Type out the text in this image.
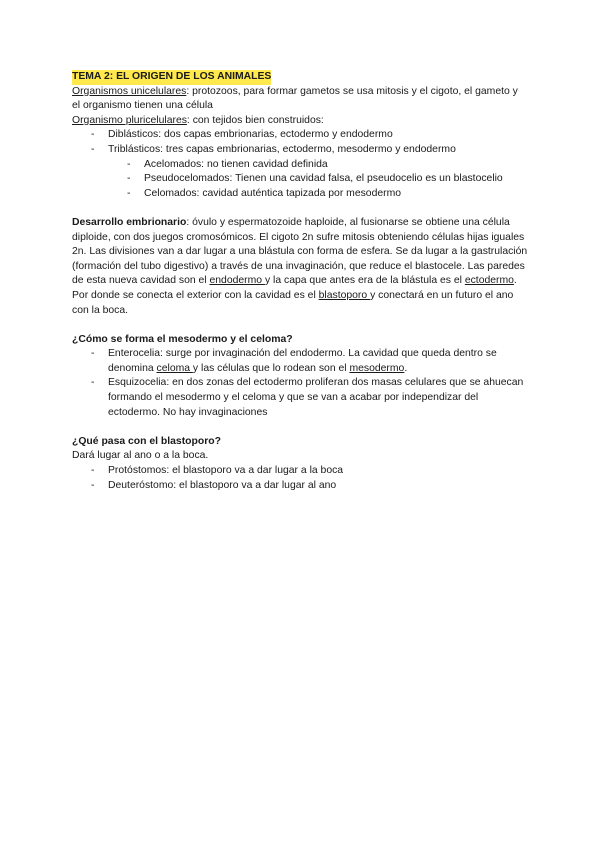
TEMA 2: EL ORIGEN DE LOS ANIMALES

Organismos unicelulares: protozoos, para formar gametos se usa mitosis y el cigoto, el gameto y el organismo tienen una célula

Organismo pluricelulares: con tejidos bien construidos:

- Diblásticos: dos capas embrionarias, ectodermo y endodermo
- Triblásticos: tres capas embrionarias, ectodermo, mesodermo y endodermo
- Acelomados: no tienen cavidad definida
- Pseudocelomados: Tienen una cavidad falsa, el pseudocelio es un blastocelio
- Celomados: cavidad auténtica tapizada por mesodermo

Desarrollo embrionario: óvulo y espermatozoide haploide, al fusionarse se obtiene una célula diploide, con dos juegos cromosómicos. El cigoto 2n sufre mitosis obteniendo células hijas iguales 2n. Las divisiones van a dar lugar a una blástula con forma de esfera. Se da lugar a la gastrulación (formación del tubo digestivo) a través de una invaginación, que reduce el blastocele. Las paredes de esta nueva cavidad son el endodermo y la capa que antes era de la blástula es el ectodermo. Por donde se conecta el exterior con la cavidad es el blastoporo y conectará en un futuro el ano con la boca.

¿Cómo se forma el mesodermo y el celoma?

- Enterocelia: surge por invaginación del endodermo. La cavidad que queda dentro se denomina celoma y las células que lo rodean son el mesodermo.
- Esquizocelia: en dos zonas del ectodermo proliferan dos masas celulares que se ahuecan formando el mesodermo y el celoma y que se van a acabar por independizar del ectodermo. No hay invaginaciones

¿Qué pasa con el blastoporo?

Dará lugar al ano o a la boca.

- Protóstomos: el blastoporo va a dar lugar a la boca
- Deuteróstomo: el blastoporo va a dar lugar al ano
